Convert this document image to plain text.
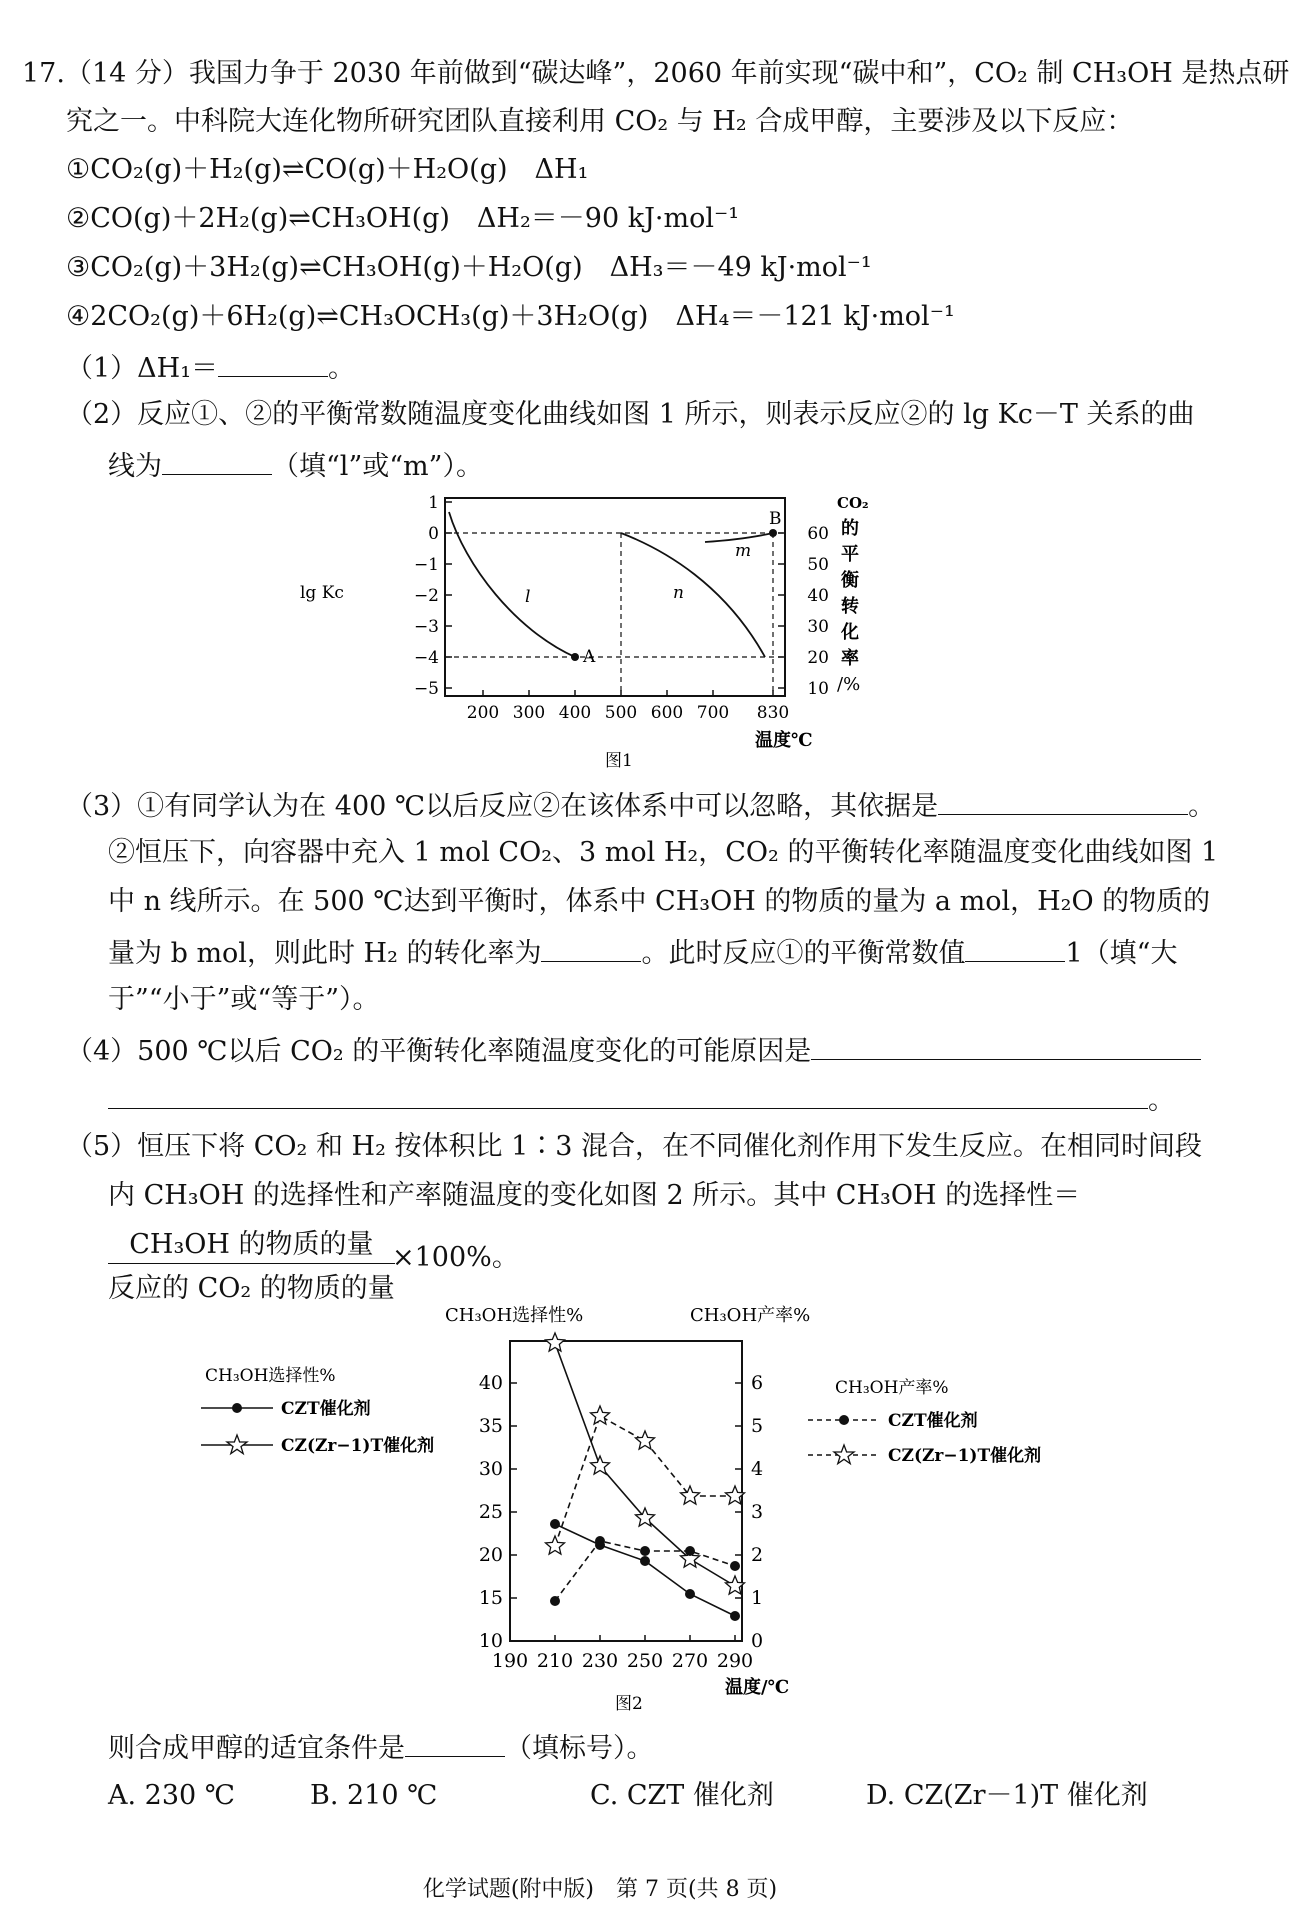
17.（14 分）我国力争于 2030 年前做到“碳达峰”，2060 年前实现“碳中和”，CO₂ 制 CH₃OH 是热点研
究之一。中科院大连化物所研究团队直接利用 CO₂ 与 H₂ 合成甲醇，主要涉及以下反应：
①CO₂(g)＋H₂(g)⇌CO(g)＋H₂O(g)　ΔH₁
②CO(g)＋2H₂(g)⇌CH₃OH(g)　ΔH₂＝－90 kJ·mol⁻¹
③CO₂(g)＋3H₂(g)⇌CH₃OH(g)＋H₂O(g)　ΔH₃＝－49 kJ·mol⁻¹
④2CO₂(g)＋6H₂(g)⇌CH₃OCH₃(g)＋3H₂O(g)　ΔH₄＝－121 kJ·mol⁻¹
（1）ΔH₁＝	。
（2）反应①、②的平衡常数随温度变化曲线如图 1 所示，则表示反应②的 lg Kc－T 关系的曲
线为	（填“l”或“m”）。
1
0
−1
−2
−3
−4
−5
lg Kc
60
50
40
30
20
10
CO₂
的
平
衡
转
化
率
/%
200 300 400 500 600 700 830
温度℃
图1
l	n
m
A
B
（3）①有同学认为在 400 ℃以后反应②在该体系中可以忽略，其依据是	。
②恒压下，向容器中充入 1 mol CO₂、3 mol H₂，CO₂ 的平衡转化率随温度变化曲线如图 1
中 n 线所示。在 500 ℃达到平衡时，体系中 CH₃OH 的物质的量为 a mol，H₂O 的物质的
量为 b mol，则此时 H₂ 的转化率为	。此时反应①的平衡常数值	1（填“大
于”“小于”或“等于”）。
（4）500 ℃以后 CO₂ 的平衡转化率随温度变化的可能原因是
。
（5）恒压下将 CO₂ 和 H₂ 按体积比 1∶3 混合，在不同催化剂作用下发生反应。在相同时间段
内 CH₃OH 的选择性和产率随温度的变化如图 2 所示。其中 CH₃OH 的选择性＝
CH₃OH 的物质的量
反应的 CO₂ 的物质的量
×100%。
CH₃OH选择性%	CH₃OH产率%
CH₃OH选择性%
CZT催化剂
CZ(Zr−1)T催化剂
CH₃OH产率%
CZT催化剂
CZ(Zr−1)T催化剂
40
35
30
25
20
15
10
6
5
4
3
2
1
0
190 210 230 250 270 290
温度/℃
图2
则合成甲醇的适宜条件是	（填标号）。
A. 230 ℃	B. 210 ℃	C. CZT 催化剂	D. CZ(Zr－1)T 催化剂
化学试题(附中版)　第 7 页(共 8 页)
